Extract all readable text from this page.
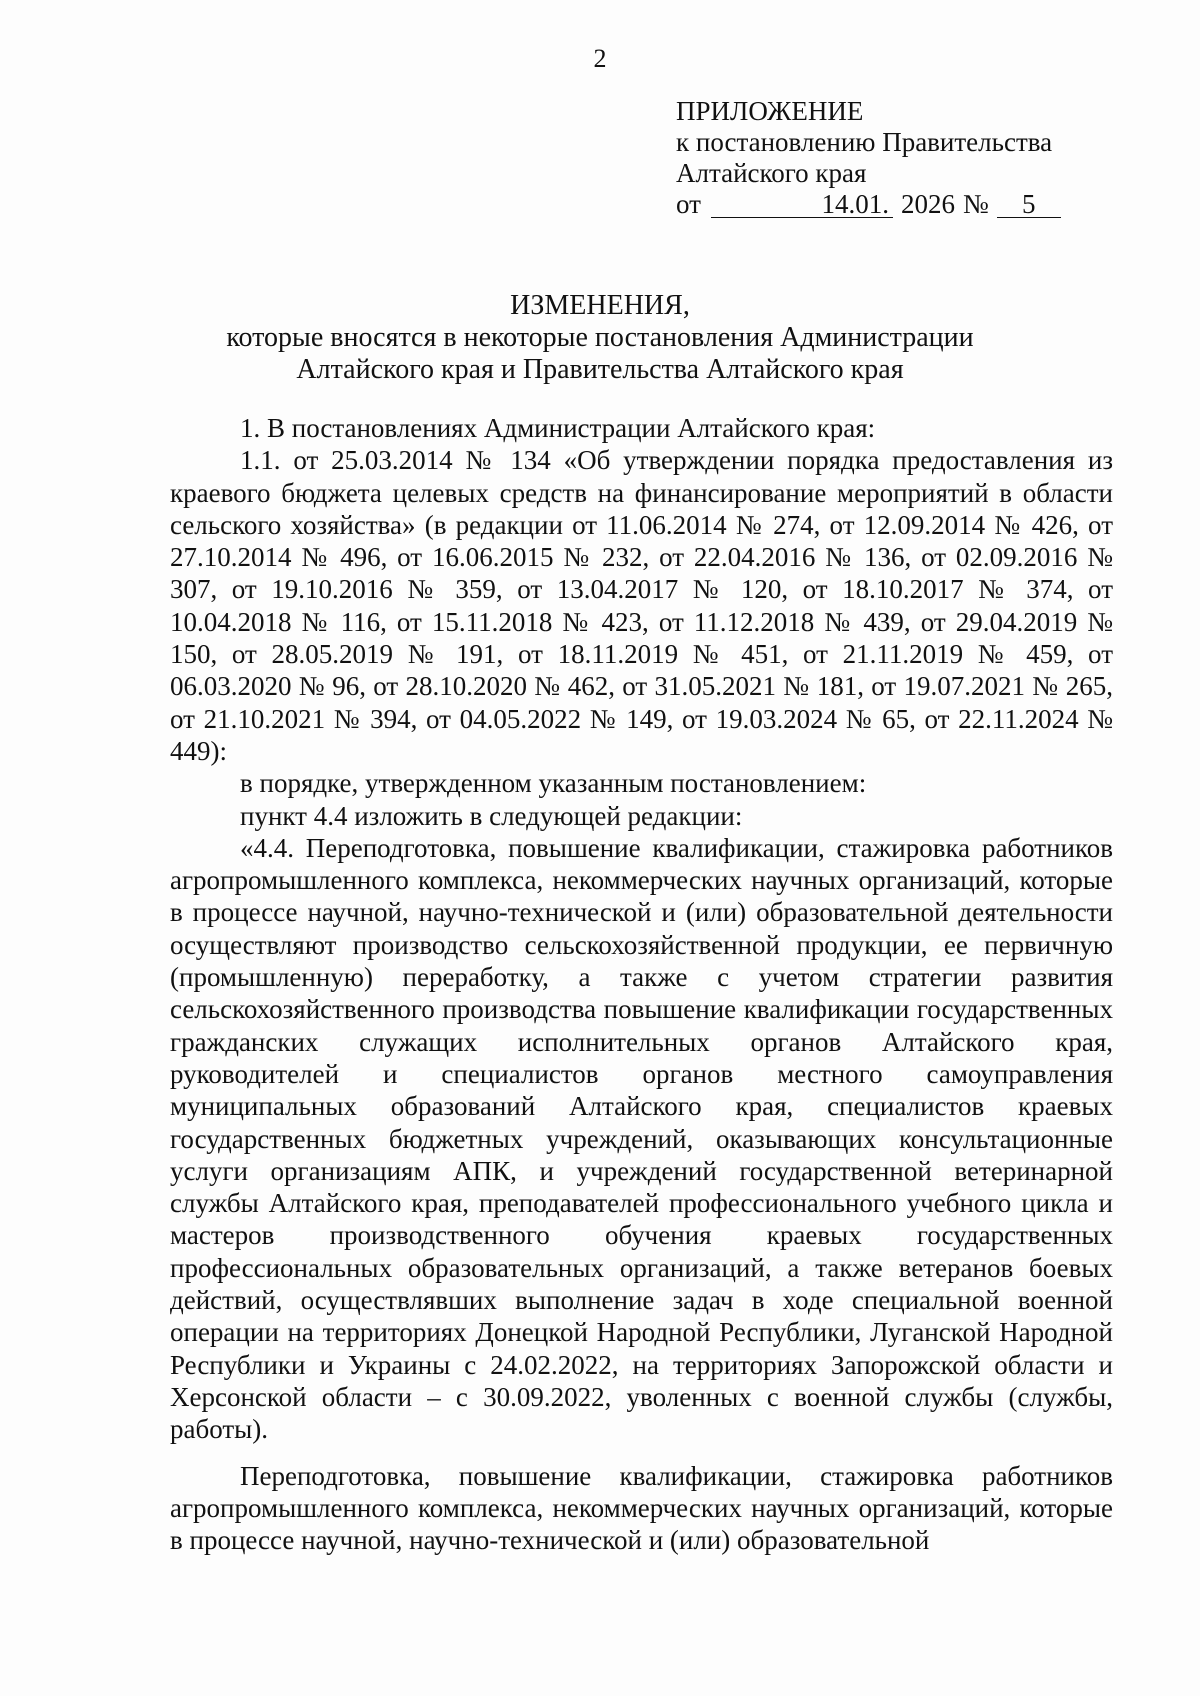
2
ПРИЛОЖЕНИЕ
к постановлению Правительства
Алтайского края
от	14.01. 2026 №	5
ИЗМЕНЕНИЯ,
которые вносятся в некоторые постановления Администрации
Алтайского края и Правительства Алтайского края

1. В постановлениях Администрации Алтайского края:

1.1. от 25.03.2014 № 134 «Об утверждении порядка предоставления из краевого бюджета целевых средств на финансирование мероприятий в области сельского хозяйства» (в редакции от 11.06.2014 № 274, от 12.09.2014 № 426, от 27.10.2014 № 496, от 16.06.2015 № 232, от 22.04.2016 № 136, от 02.09.2016 № 307, от 19.10.2016 № 359, от 13.04.2017 № 120, от 18.10.2017 № 374, от 10.04.2018 № 116, от 15.11.2018 № 423, от 11.12.2018 № 439, от 29.04.2019 № 150, от 28.05.2019 № 191, от 18.11.2019 № 451, от 21.11.2019 № 459, от 06.03.2020 № 96, от 28.10.2020 № 462, от 31.05.2021 № 181, от 19.07.2021 № 265, от 21.10.2021 № 394, от 04.05.2022 № 149, от 19.03.2024 № 65, от 22.11.2024 № 449):

в порядке, утвержденном указанным постановлением:

пункт 4.4 изложить в следующей редакции:

«4.4. Переподготовка, повышение квалификации, стажировка работников агропромышленного комплекса, некоммерческих научных организаций, которые в процессе научной, научно-технической и (или) образовательной деятельности осуществляют производство сельскохозяйственной продукции, ее первичную (промышленную) переработку, а также с учетом стратегии развития сельскохозяйственного производства повышение квалификации государственных гражданских служащих исполнительных органов Алтайского края, руководителей и специалистов органов местного самоуправления муниципальных образований Алтайского края, специалистов краевых государственных бюджетных учреждений, оказывающих консультационные услуги организациям АПК, и учреждений государственной ветеринарной службы Алтайского края, преподавателей профессионального учебного цикла и мастеров производственного обучения краевых государственных профессиональных образовательных организаций, а также ветеранов боевых действий, осуществлявших выполнение задач в ходе специальной военной операции на территориях Донецкой Народной Республики, Луганской Народной Республики и Украины с 24.02.2022, на территориях Запорожской области и Херсонской области – с 30.09.2022, уволенных с военной службы (службы, работы).

Переподготовка, повышение квалификации, стажировка работников агропромышленного комплекса, некоммерческих научных организаций, которые в процессе научной, научно-технической и (или) образовательной
